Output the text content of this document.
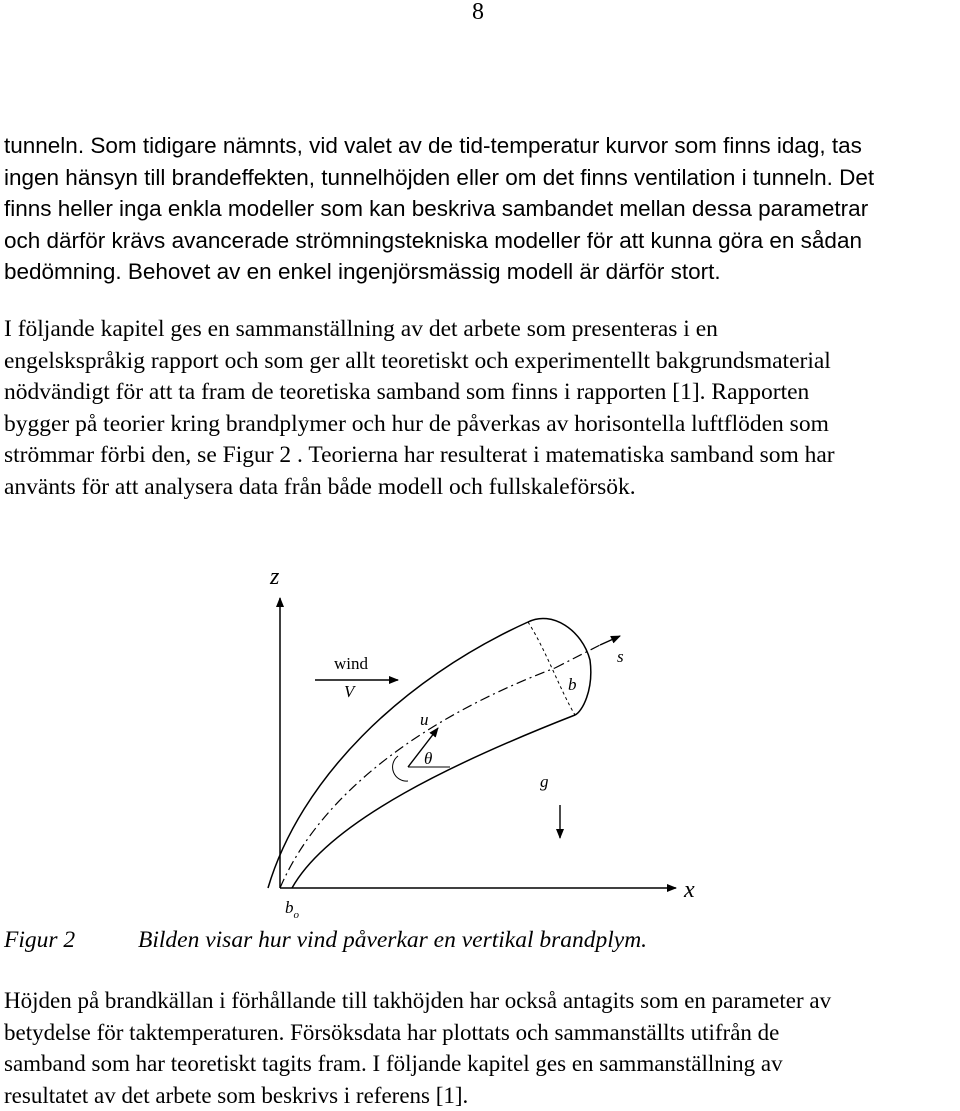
8
tunneln. Som tidigare nämnts, vid valet av de tid-temperatur kurvor som finns idag, tas
ingen hänsyn till brandeffekten, tunnelhöjden eller om det finns ventilation i tunneln. Det
finns heller inga enkla modeller som kan beskriva sambandet mellan dessa parametrar
och därför krävs avancerade strömningstekniska modeller för att kunna göra en sådan
bedömning. Behovet av en enkel ingenjörsmässig modell är därför stort.
I följande kapitel ges en sammanställning av det arbete som presenteras i en
engelskspråkig rapport och som ger allt teoretiskt och experimentellt bakgrundsmaterial
nödvändigt för att ta fram de teoretiska samband som finns i rapporten [1]. Rapporten
bygger på teorier kring brandplymer och hur de påverkas av horisontella luftflöden som
strömmar förbi den, se Figur 2 . Teorierna har resulterat i matematiska samband som har
använts för att analysera data från både modell och fullskaleförsök.
z
x
wind
V
u
θ
g
s
b
$b_o$
Figur 2	Bilden visar hur vind påverkar en vertikal brandplym.
Höjden på brandkällan i förhållande till takhöjden har också antagits som en parameter av
betydelse för taktemperaturen. Försöksdata har plottats och sammanställts utifrån de
samband som har teoretiskt tagits fram. I följande kapitel ges en sammanställning av
resultatet av det arbete som beskrivs i referens [1].
